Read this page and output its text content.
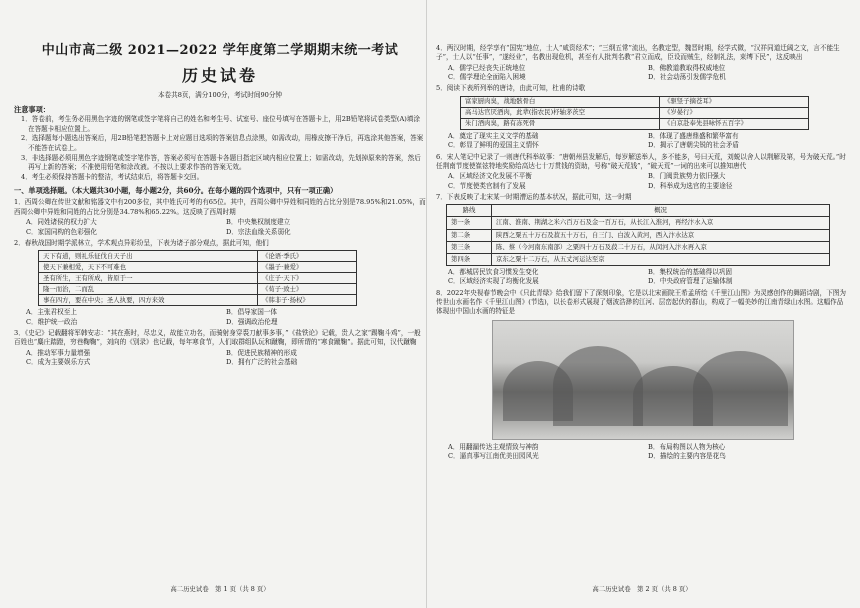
中山市高二级 2021—2022 学年度第二学期期末统一考试
历史试卷
本卷共8页，满分100分，考试时间90分钟
注意事项：
1．答卷前，考生务必用黑色字迹的钢笔或签字笔将自己的姓名和考生号、试室号、座位号填写在答题卡上，用2B铅笔将试卷类型(A)填涂在答题卡相应位置上。
2．选择题每小题选出答案后，用2B铅笔把答题卡上对应题目选项的答案信息点涂黑，如需改动，用橡皮擦干净后，再选涂其他答案，答案不能答在试卷上。
3．非选择题必须用黑色字迹钢笔或签字笔作答，答案必须写在答题卡各题目指定区域内相应位置上；如需改动，先划掉原来的答案，然后再写上新的答案；不准使用铅笔和涂改液。不按以上要求作答的答案无效。
4．考生必须保持答题卡的整洁，考试结束后，将答题卡交回。
一、单项选择题。（本大题共30小题，每小题2分，共60分。在每小题的四个选项中，只有一项正确）
1．西周公卿在传世文献和铭器文中有200多位，其中姓氏可考的有65位。其中，西周公卿中异姓和同姓的占比分别是78.95%和21.05%，而西周公卿中异姓和同姓的占比分别是34.78%和65.22%。这反映了西周时期
A．同姓诸侯的权力扩大	B．中央集权制度建立
C．家国同构的色彩强化	D．宗法血缘关系弱化
2．春秋战国时期学派林立，学术观点异彩纷呈，下表为诸子部分观点，据此可知，他们
天下有道，则礼乐征伐自天子出	《论语·季氏》
使天下兼相爱，天下不可难也	《墨子·兼爱》
圣有所生，王有所成，皆原于一	《庄子·天下》
隆一而治，二而乱	《荀子·致士》
事在四方，要在中央；圣人执要，四方来效	《韩非子·扬权》
A．主张君权至上	B．倡导家国一体
C．维护统一政治	D．强调政治伦理
3．《史记》记载翻将军韩安志：“其在燕时，尽忠义，故能立功名，而骑射身穿裘刀献事多事，”《盐铁论》记载，贵人之家“踢鞠斗鸡”，一般百姓也“麋庄踏蹬，穷巷鞠鞠”，刘向的《别录》也记载，每年寒食节，人们取群组队玩和蹴鞠，即所谓的“寒食蹴鞠”。据此可知，汉代蹴鞠
A．推动军事力量增强	B．促进民族精神的形成
C．成为主要娱乐方式	D．拥有广泛的社会基础
高二历史试卷　第 1 页（共 8 页）
4．两汉时期，经学享有“国宪”地位，士人“咸资经术”；“三纲五常”流出，名教定型，魏晋时期，经学式微，“汉祥同道迁阔之文，言不能生子”，士人以“任事”，“遂经业”，名教出现危机，甚至有人批判名教“君立而成，臣设而贼生，经制礼法，束缚下民”，这反映出
A．儒学已经丧失正统地位	B．佛教道教取得权威地位
C．儒学理论全面陷入困境	D．社会动荡引发儒学危机
5．阅读下表所列举的唐诗，由此可知，杜甫的诗歌
富家厨肉臭，战地骸骨白	《驱竖子摘苍耳》
高马达官厌酒肉，此辈(指农民)杼轴茅茨空	《岁晏行》
朱门酒肉臭，路有冻死骨	《自京赴奉先县咏怀五百字》
A．奠定了现实主义文学的基础	B．体现了盛唐鼎盛和繁华富有
C．彰显了鲜明的爱国主义情怀	D．揭示了唐朝尖锐的社会矛盾
6．宋人笔记中记录了一则唐代科举故事：“唐朝州县发解后，每岁解送举人，多不能多，号曰天荒，刘蜕以舍人以荆解及第，号为破天荒。”时任荆南节度使崔铉特地奖励给高达七十万贯钱的资助，号称“破天荒钱”，“破天荒”一词的出来可以推知唐代
A．区域经济文化发展不平衡	B．门阀贵族势力依旧强大
C．节度使类官制有了发展	D．科举成为选官的主要途径
7．下表反映了北宋某一时期漕运的基本状况，据此可知，这一时期
路线	概况
第一条	江南、淮南、荆湖之米六百万石及金一百万石，从长江入淮河，再经汴水入京
第二条	陕西之粟五十万石及菽五十万石，自三门、白波入黄河，西入汴水达京
第三条	陈、蔡（今河南东南部）之粟四十万石及菽二十万石，从闵河入汴水再入京
第四条	京东之粟十二万石，从五丈河运达至京
A．都城居民饮食习惯发生变化	B．集权统治的基础得以巩固
C．区域经济实现了均衡化发展	D．中央政府管理了运输体制
8．2022年央视春节晚会中《只此青绿》给我们留下了深刻印象，它是以北宋画院王希孟所绘《千里江山图》为灵感创作的舞蹈诗剧，下图为传世山水画名作《千里江山图》(节选)，以长卷形式展现了烟波浩渺的江河、层峦起伏的群山，构成了一幅美妙的江南青绿山水图。这幅作品体现出中国山水画的特征是
A．用翻漏传达主观情致与神韵	B．布局构图以人物为核心
C．逼真事写江南优美田园风光	D．描绘的主要内容是花鸟
高二历史试卷　第 2 页（共 8 页）
